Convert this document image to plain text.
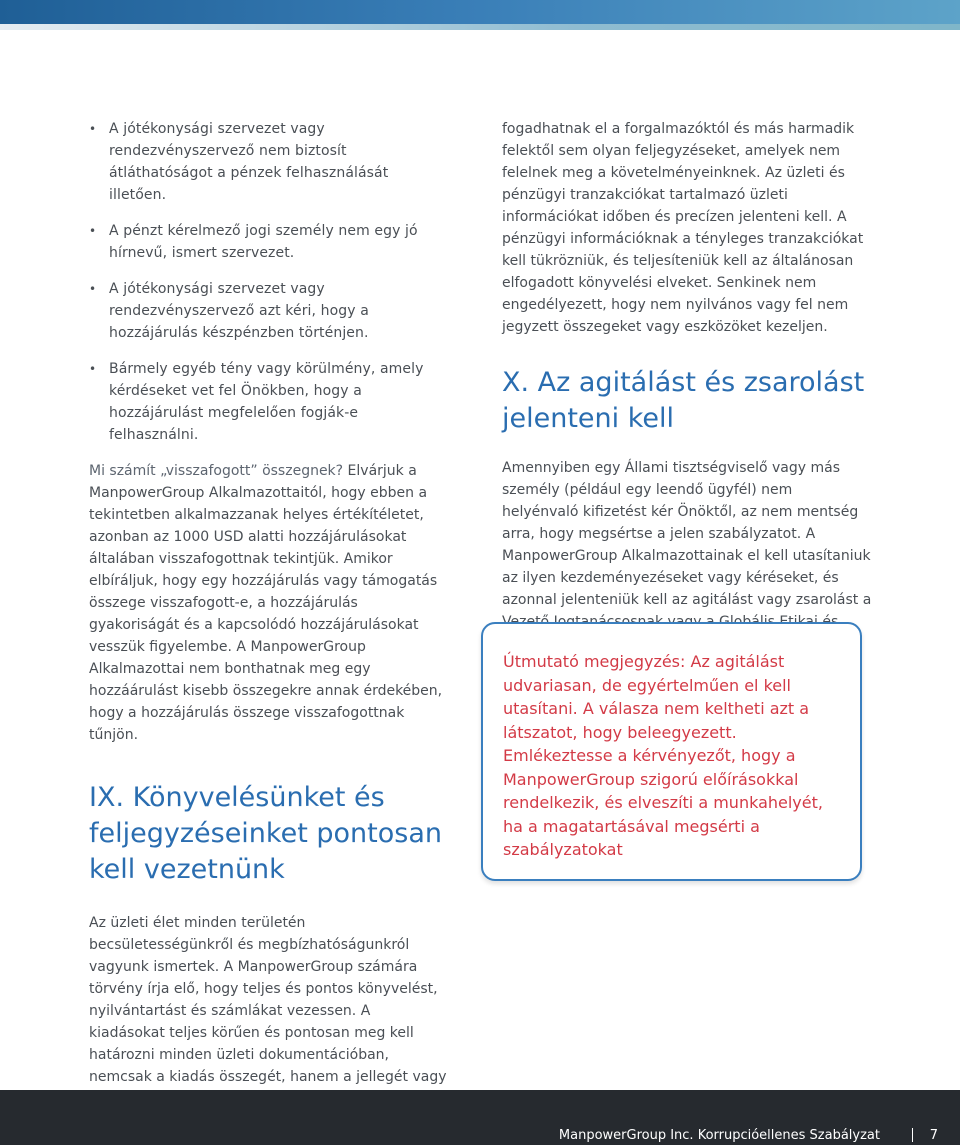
• A jótékonysági szervezet vagy rendezvényszervező nem biztosít átláthatóságot a pénzek felhasználását illetően.
• A pénzt kérelmező jogi személy nem egy jó hírnevű, ismert szervezet.
• A jótékonysági szervezet vagy rendezvényszervező azt kéri, hogy a hozzájárulás készpénzben történjen.
• Bármely egyéb tény vagy körülmény, amely kérdéseket vet fel Önökben, hogy a hozzájárulást megfelelően fogják-e felhasználni.

Mi számít „visszafogott” összegnek? Elvárjuk a ManpowerGroup Alkalmazottaitól, hogy ebben a tekintetben alkalmazzanak helyes értékítéletet, azonban az 1000 USD alatti hozzájárulásokat általában visszafogottnak tekintjük. Amikor elbíráljuk, hogy egy hozzájárulás vagy támogatás összege visszafogott-e, a hozzájárulás gyakoriságát és a kapcsolódó hozzájárulásokat vesszük figyelembe. A ManpowerGroup Alkalmazottai nem bonthatnak meg egy hozzáárulást kisebb összegekre annak érdekében, hogy a hozzájárulás összege visszafogottnak tűnjön.

IX. Könyvelésünket és feljegyzéseinket pontosan kell vezetnünk

Az üzleti élet minden területén becsületességünkről és megbízhatóságunkról vagyunk ismertek. A ManpowerGroup számára törvény írja elő, hogy teljes és pontos könyvelést, nyilvántartást és számlákat vezessen. A kiadásokat teljes körűen és pontosan meg kell határozni minden üzleti dokumentációban, nemcsak a kiadás összegét, hanem a jellegét vagy

fogadhatnak el a forgalmazóktól és más harmadik felektől sem olyan feljegyzéseket, amelyek nem felelnek meg a követelményeinknek. Az üzleti és pénzügyi tranzakciókat tartalmazó üzleti információkat időben és precízen jelenteni kell. A pénzügyi információknak a tényleges tranzakciókat kell tükrözniük, és teljesíteniük kell az általánosan elfogadott könyvelési elveket. Senkinek nem engedélyezett, hogy nem nyilvános vagy fel nem jegyzett összegeket vagy eszközöket kezeljen.

X. Az agitálást és zsarolást jelenteni kell

Amennyiben egy Állami tisztségviselő vagy más személy (például egy leendő ügyfél) nem helyénvaló kifizetést kér Önöktől, az nem mentség arra, hogy megsértse a jelen szabályzatot. A ManpowerGroup Alkalmazottainak el kell utasítaniuk az ilyen kezdeményezéseket vagy kéréseket, és azonnal jelenteniük kell az agitálást vagy zsarolást a

Útmutató megjegyzés: Az agitálást udvariasan, de egyértelműen el kell utasítani. A válasza nem keltheti azt a látszatot, hogy beleegyezett. Emlékeztesse a kérvényezőt, hogy a ManpowerGroup szigorú előírásokkal rendelkezik, és elveszíti a munkahelyét, ha a magatartásával megsérti a szabályzatokat

ManpowerGroup Inc. Korrupcióellenes Szabályzat	7
